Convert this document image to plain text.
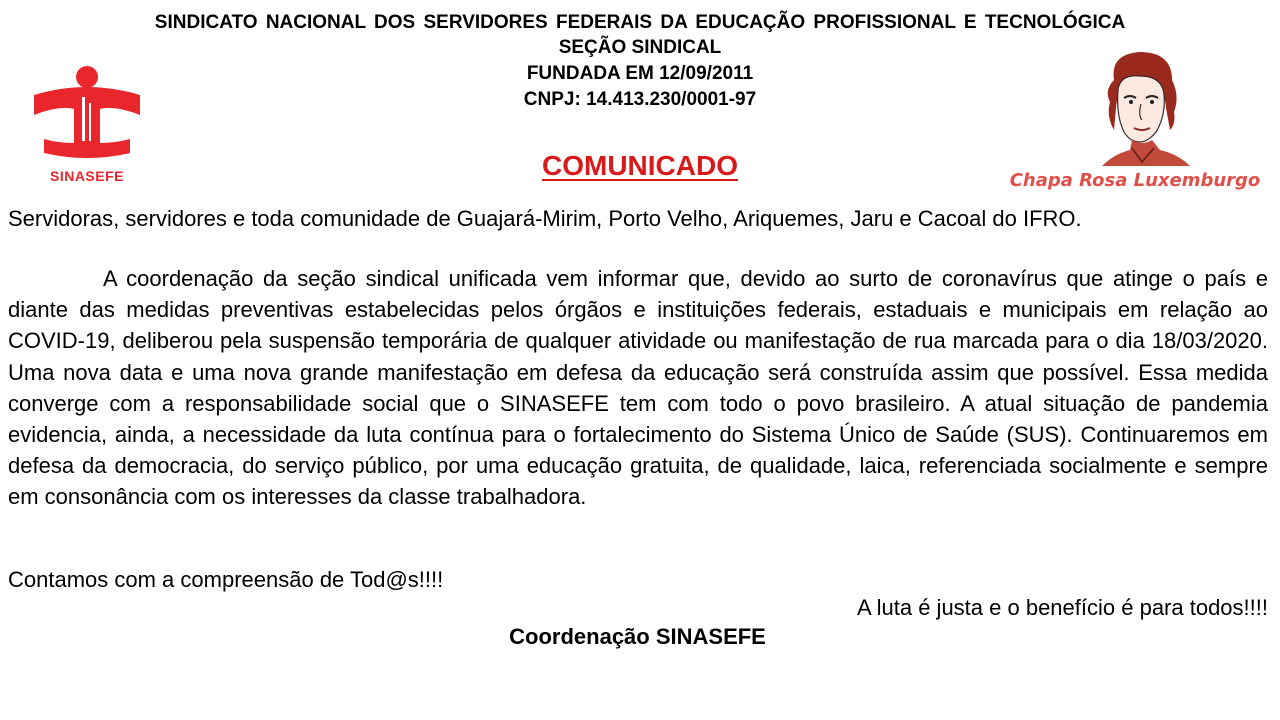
SINDICATO NACIONAL DOS SERVIDORES FEDERAIS DA EDUCAÇÃO PROFISSIONAL E TECNOLÓGICA
SEÇÃO SINDICAL
FUNDADA EM 12/09/2011
CNPJ: 14.413.230/0001-97
SINASEFE	COMUNICADO	Chapa Rosa Luxemburgo
Servidoras, servidores e toda comunidade de Guajará-Mirim, Porto Velho, Ariquemes, Jaru e Cacoal do IFRO.
A coordenação da seção sindical unificada vem informar que, devido ao surto de coronavírus que atinge o país e diante das medidas preventivas estabelecidas pelos órgãos e instituições federais, estaduais e municipais em relação ao COVID-19, deliberou pela suspensão temporária de qualquer atividade ou manifestação de rua marcada para o dia 18/03/2020. Uma nova data e uma nova grande manifestação em defesa da educação será construída assim que possível. Essa medida converge com a responsabilidade social que o SINASEFE tem com todo o povo brasileiro. A atual situação de pandemia evidencia, ainda, a necessidade da luta contínua para o fortalecimento do Sistema Único de Saúde (SUS). Continuaremos em defesa da democracia, do serviço público, por uma educação gratuita, de qualidade, laica, referenciada socialmente e sempre em consonância com os interesses da classe trabalhadora.
Contamos com a compreensão de Tod@s!!!!
A luta é justa e o benefício é para todos!!!!
Coordenação SINASEFE
